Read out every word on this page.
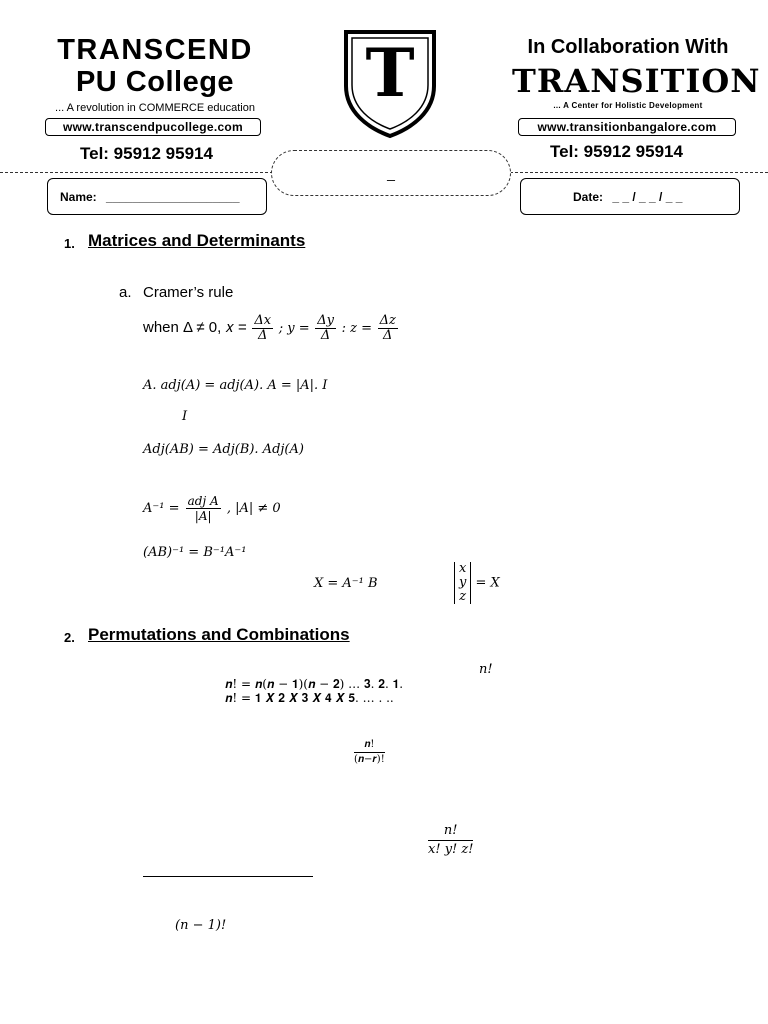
TRANSCEND
PU College
... A revolution in COMMERCE education
www.transcendpucollege.com
Tel: 95912 95914
T	In Collaboration With
TRANSITION
... A Center for Holistic Development
www.transitionbangalore.com
Tel: 95912 95914
_
Name: ____________________	Date: _ _ / _ _ / _ _
1. Matrices and Determinants
a. Cramer’s rule
when Δ ≠ 0, 𝑥 = $\frac{\text{Δ𝑥}}{\Delta}$ ; 𝑦 = $\frac{\text{Δ𝑦}}{\Delta}$ : 𝑧 = $\frac{\text{Δ𝑧}}{\Delta}$
𝐴. 𝑎𝑑𝑗(𝐴) = 𝑎𝑑𝑗(𝐴). 𝐴 = |𝐴|. 𝐼
𝐼
𝐴𝑑𝑗(𝐴𝐵) = 𝐴𝑑𝑗(𝐵). 𝐴𝑑𝑗(𝐴)
𝐴⁻¹ = $\frac{\text{𝑎𝑑𝑗 𝐴}}{\text{|𝐴|}}$ , |𝐴| ≠ 0
(𝐴𝐵)⁻¹ = 𝐵⁻¹𝐴⁻¹
𝑋 = 𝐴⁻¹ 𝐵
𝑥
𝑦
𝑧
= 𝑋
2. Permutations and Combinations
𝑛!
𝒏! = 𝒏(𝒏 − 𝟏)(𝒏 − 𝟐) … 𝟑. 𝟐. 𝟏.
𝒏! = 𝟏 𝑿 𝟐 𝑿 𝟑 𝑿 𝟒 𝑿 𝟓. … . ..
$\frac{\text{𝒏!}}{\text{(𝒏−𝒓)!}}$
$\frac{\text{𝑛!}}{\text{𝑥! 𝑦! 𝑧!}}$
(𝑛 − 1)!
